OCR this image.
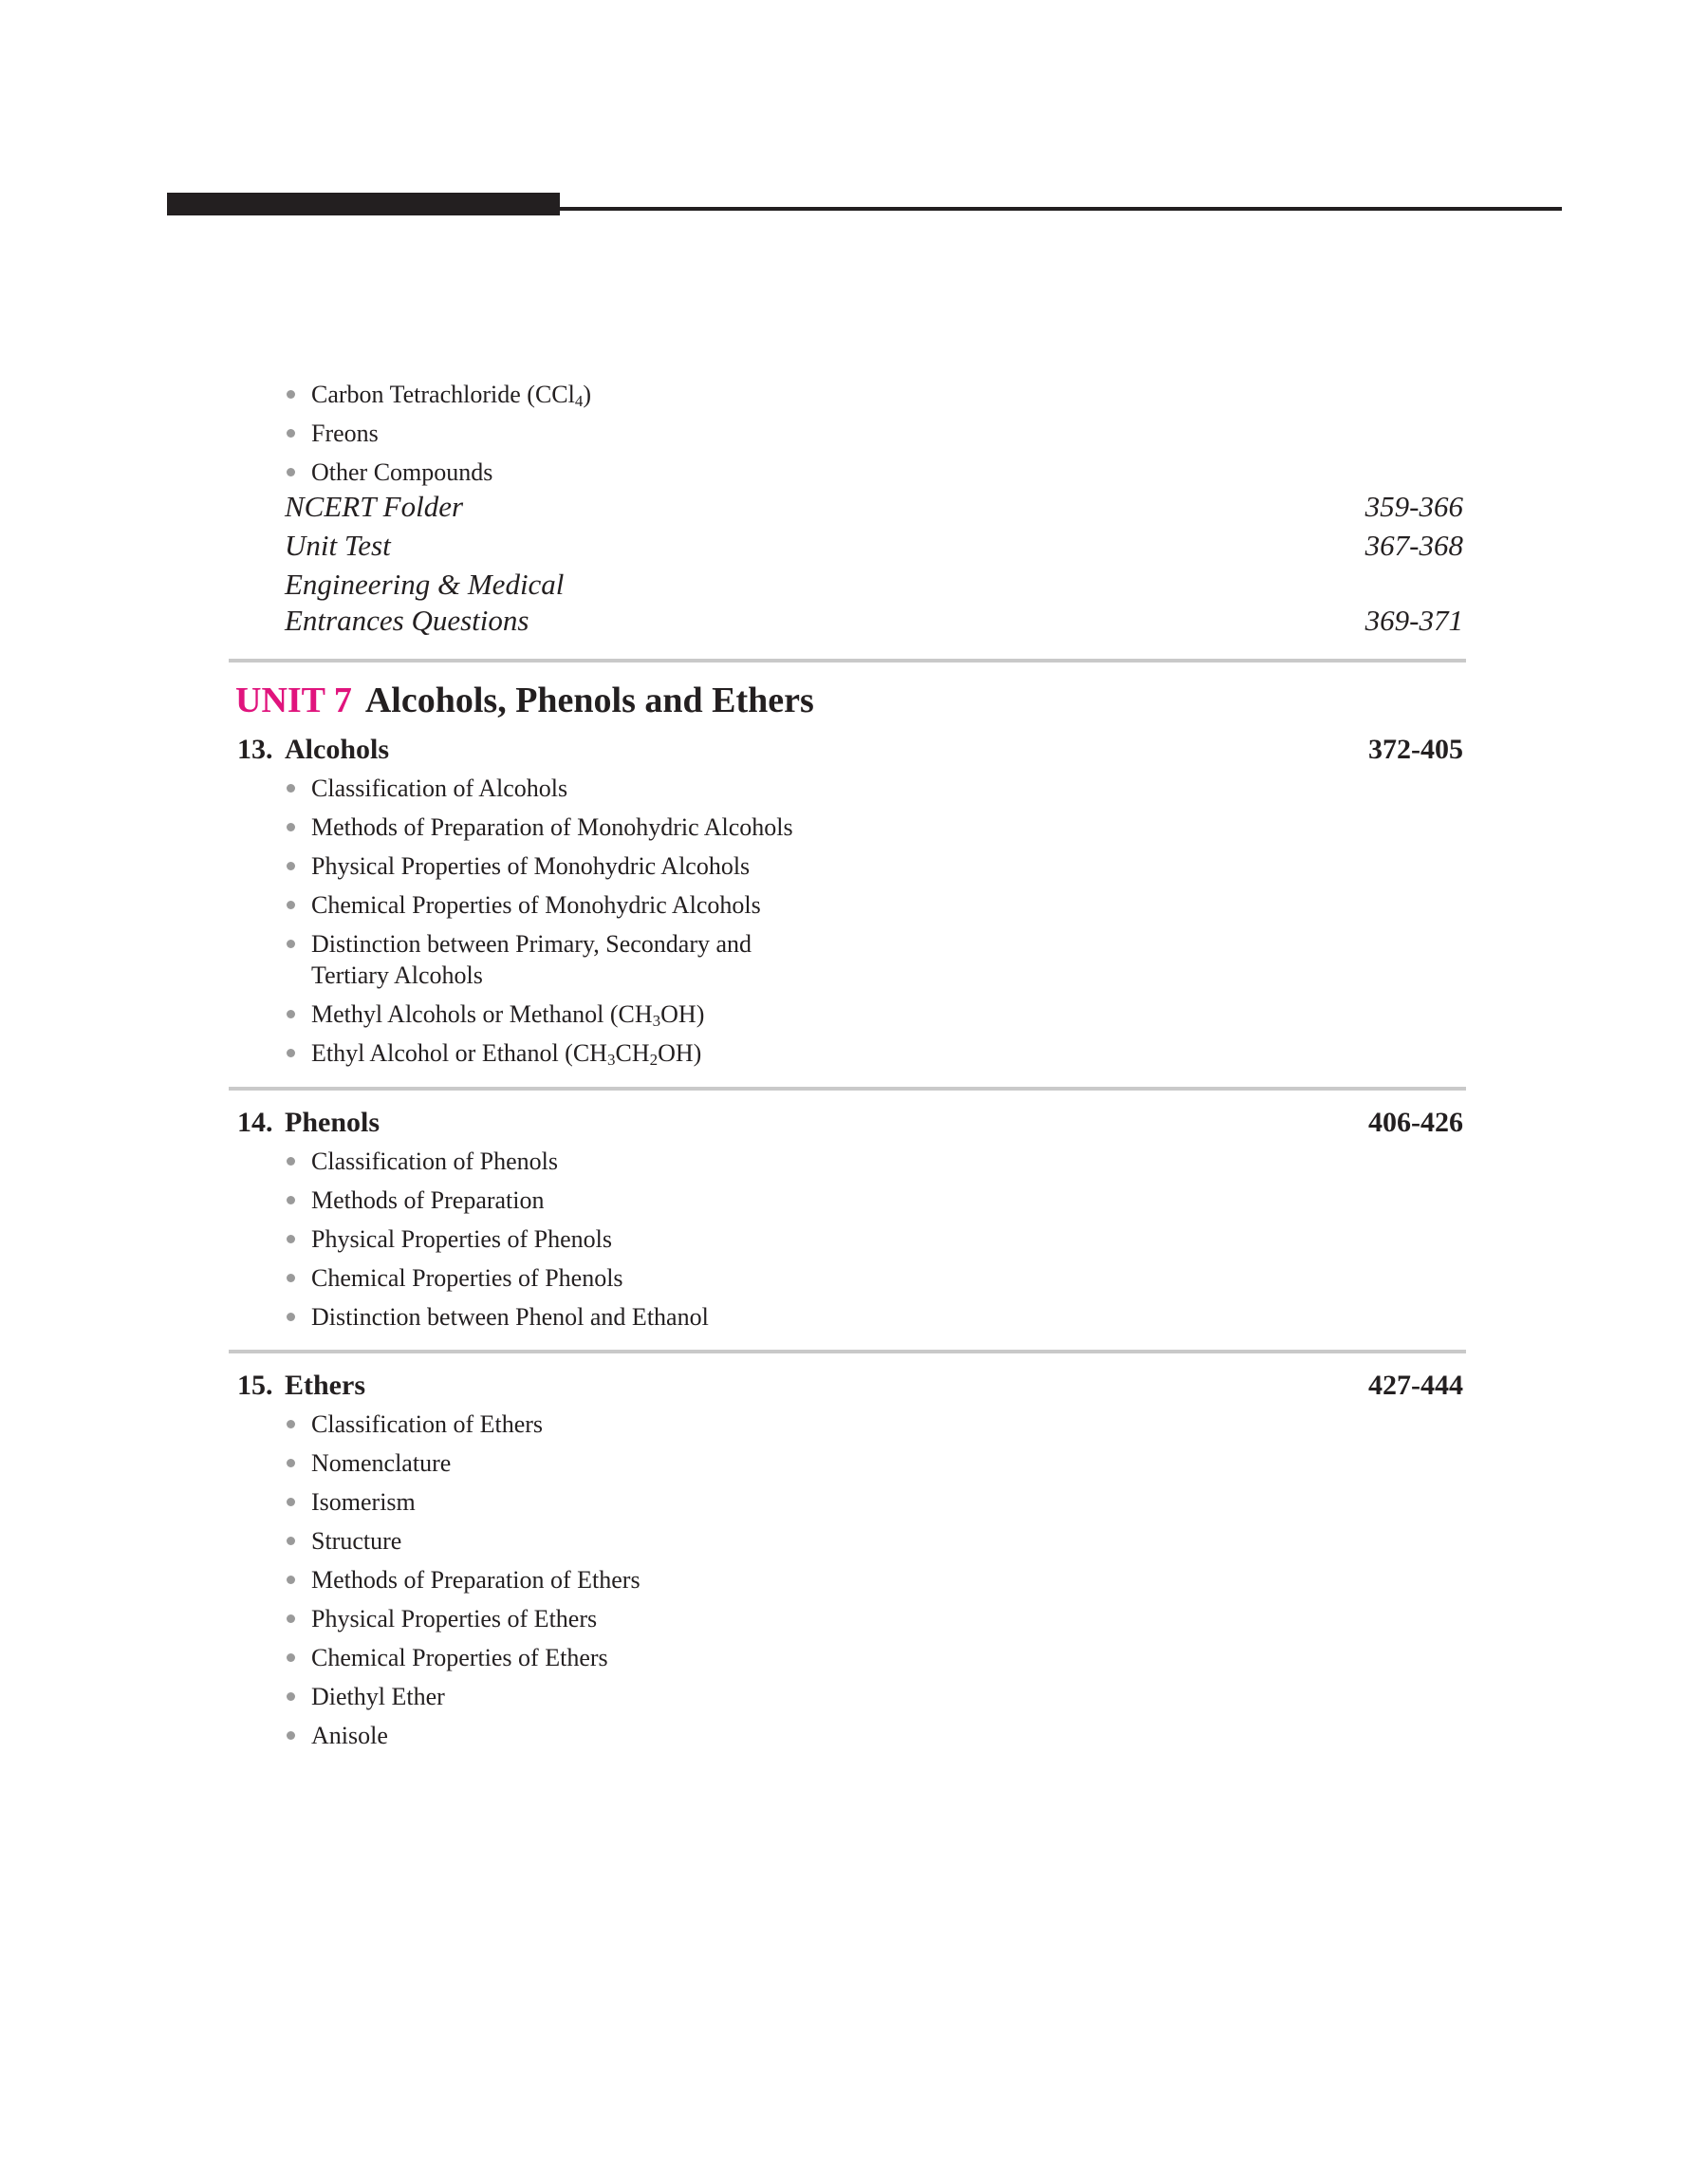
Carbon Tetrachloride (CCl$_4$)
Freons
Other Compounds
NCERT Folder	359-366
Unit Test	367-368
Engineering & Medical
Entrances Questions	369-371
UNIT 7 Alcohols, Phenols and Ethers
13. Alcohols	372-405
Classification of Alcohols
Methods of Preparation of Monohydric Alcohols
Physical Properties of Monohydric Alcohols
Chemical Properties of Monohydric Alcohols
Distinction between Primary, Secondary and
Tertiary Alcohols
Methyl Alcohols or Methanol $(CH_3OH)$
Ethyl Alcohol or Ethanol $(CH_3CH_2OH)$
14. Phenols	406-426
Classification of Phenols
Methods of Preparation
Physical Properties of Phenols
Chemical Properties of Phenols
Distinction between Phenol and Ethanol
15. Ethers	427-444
Classification of Ethers
Nomenclature
Isomerism
Structure
Methods of Preparation of Ethers
Physical Properties of Ethers
Chemical Properties of Ethers
Diethyl Ether
Anisole
